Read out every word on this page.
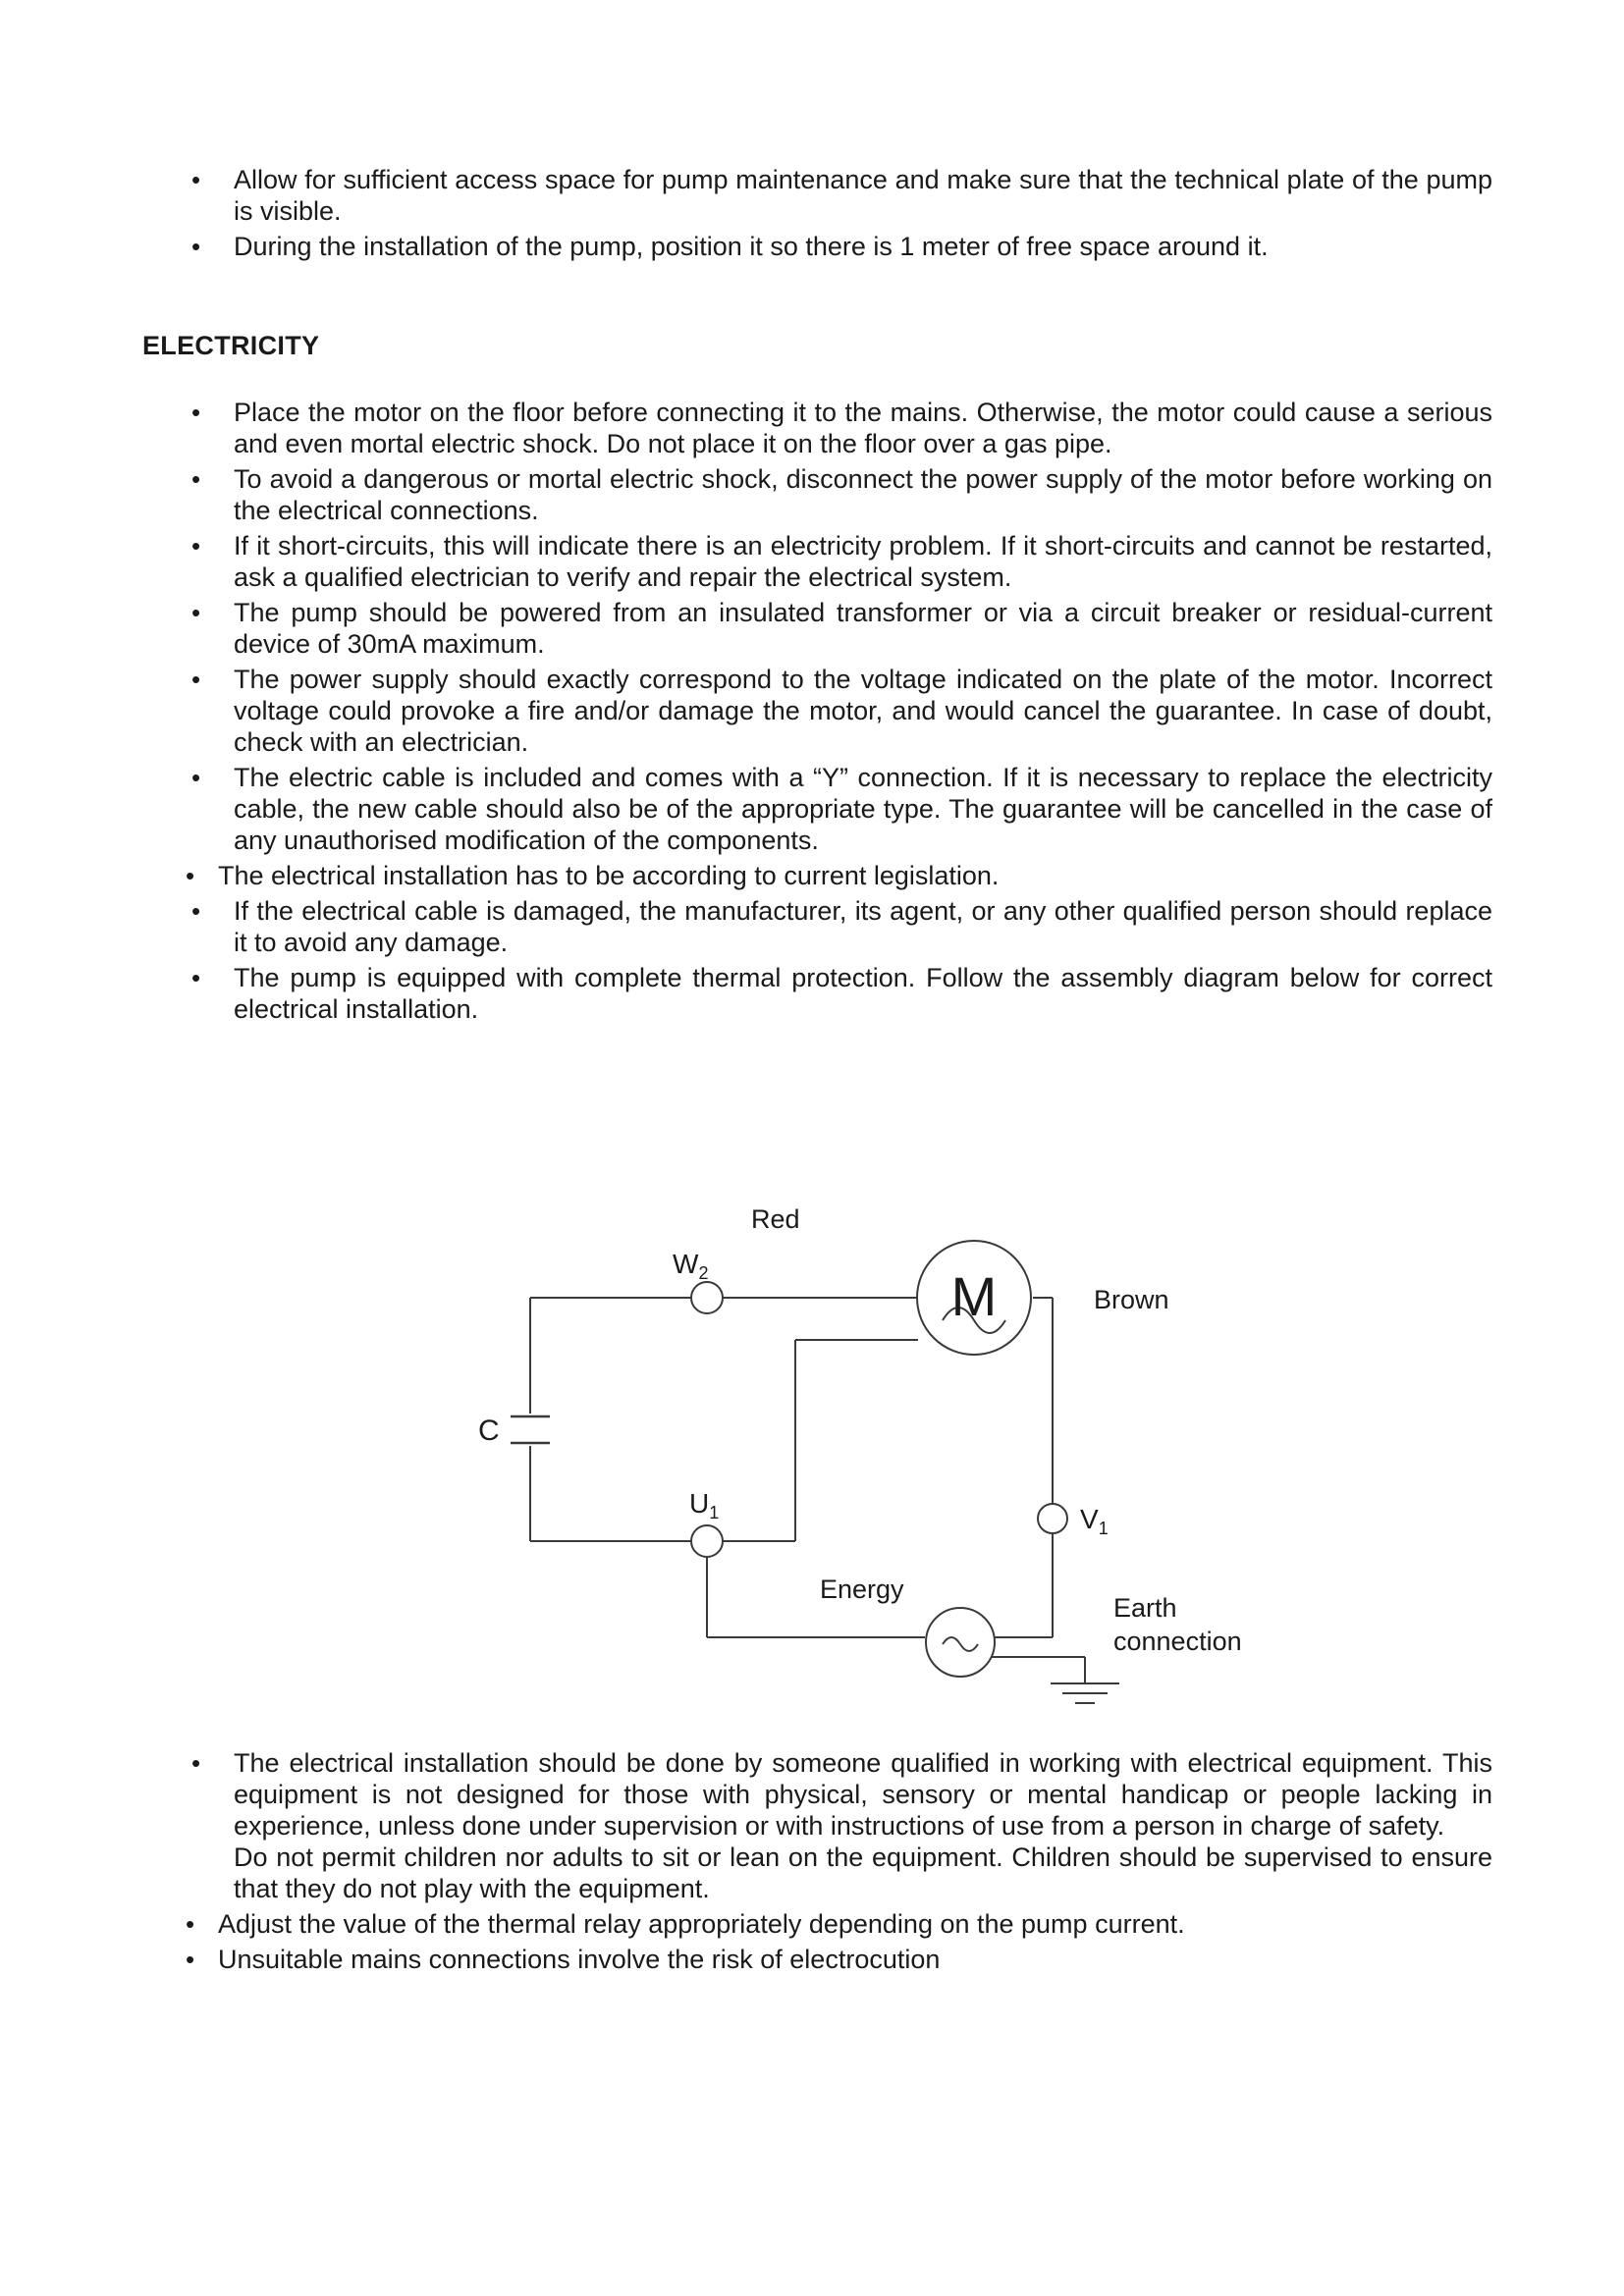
• Allow for sufficient access space for pump maintenance and make sure that the technical plate of the pump is visible.
• During the installation of the pump, position it so there is 1 meter of free space around it.
ELECTRICITY
• Place the motor on the floor before connecting it to the mains. Otherwise, the motor could cause a serious and even mortal electric shock. Do not place it on the floor over a gas pipe.
• To avoid a dangerous or mortal electric shock, disconnect the power supply of the motor before working on the electrical connections.
• If it short-circuits, this will indicate there is an electricity problem. If it short-circuits and cannot be restarted, ask a qualified electrician to verify and repair the electrical system.
• The pump should be powered from an insulated transformer or via a circuit breaker or residual-current device of 30mA maximum.
• The power supply should exactly correspond to the voltage indicated on the plate of the motor. Incorrect voltage could provoke a fire and/or damage the motor, and would cancel the guarantee. In case of doubt, check with an electrician.
• The electric cable is included and comes with a “Y” connection. If it is necessary to replace the electricity cable, the new cable should also be of the appropriate type. The guarantee will be cancelled in the case of any unauthorised modification of the components.
• The electrical installation has to be according to current legislation.
• If the electrical cable is damaged, the manufacturer, its agent, or any other qualified person should replace it to avoid any damage.
• The pump is equipped with complete thermal protection. Follow the assembly diagram below for correct electrical installation.
Red
$W_2$	M	Brown
C
$U_1$	$V_1$
Energy
Earth
connection
• The electrical installation should be done by someone qualified in working with electrical equipment. This equipment is not designed for those with physical, sensory or mental handicap or people lacking in experience, unless done under supervision or with instructions of use from a person in charge of safety.
Do not permit children nor adults to sit or lean on the equipment. Children should be supervised to ensure that they do not play with the equipment.
• Adjust the value of the thermal relay appropriately depending on the pump current.
• Unsuitable mains connections involve the risk of electrocution
